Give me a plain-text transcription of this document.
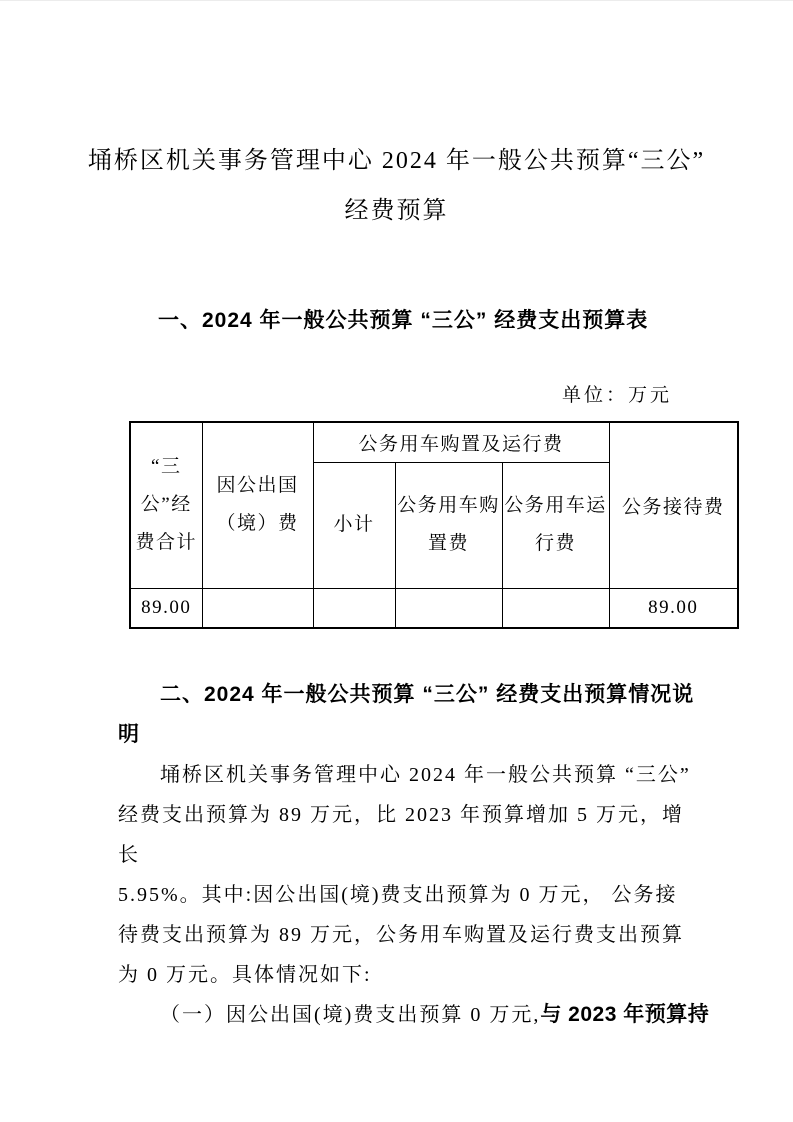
埇桥区机关事务管理中心 2024 年一般公共预算“三公”
经费预算
一、2024 年一般公共预算 “三公” 经费支出预算表
单位：万元
“三公”经费合计	因公出国（境）费	公务用车购置及运行费			公务接待费
		小计	公务用车购置费	公务用车运行费	
89.00					89.00
二、2024 年一般公共预算 “三公” 经费支出预算情况说
明
埇桥区机关事务管理中心 2024 年一般公共预算 “三公”
经费支出预算为 89 万元，比 2023 年预算增加 5 万元，增长
5.95%。其中:因公出国(境)费支出预算为 0 万元， 公务接
待费支出预算为 89 万元，公务用车购置及运行费支出预算
为 0 万元。具体情况如下:
（一）因公出国(境)费支出预算 0 万元,与 2023 年预算持
